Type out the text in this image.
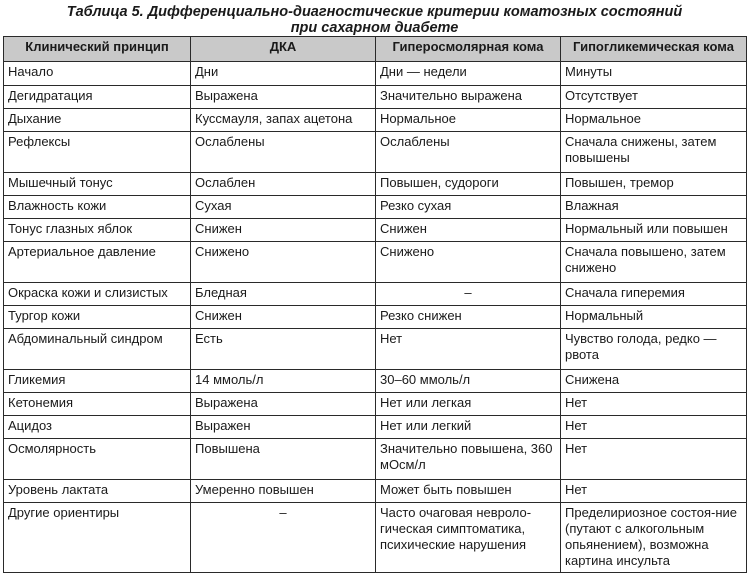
Таблица 5. Дифференциально-диагностические критерии коматозных состояний
при сахарном диабете
Клинический принцип	ДКА	Гиперосмолярная кома	Гипогликемическая кома
Начало	Дни	Дни — недели	Минуты
Дегидратация	Выражена	Значительно выражена	Отсутствует
Дыхание	Куссмауля, запах ацетона	Нормальное	Нормальное
Рефлексы	Ослаблены	Ослаблены	Сначала снижены, затем повышены
Мышечный тонус	Ослаблен	Повышен, судороги	Повышен, тремор
Влажность кожи	Сухая	Резко сухая	Влажная
Тонус глазных яблок	Снижен	Снижен	Нормальный или повышен
Артериальное давление	Снижено	Снижено	Сначала повышено, затем снижено
Окраска кожи и слизистых	Бледная	–	Сначала гиперемия
Тургор кожи	Снижен	Резко снижен	Нормальный
Абдоминальный синдром	Есть	Нет	Чувство голода, редко — рвота
Гликемия	14 ммоль/л	30–60 ммоль/л	Снижена
Кетонемия	Выражена	Нет или легкая	Нет
Ацидоз	Выражен	Нет или легкий	Нет
Осмолярность	Повышена	Значительно повышена, 360 мОсм/л	Нет
Уровень лактата	Умеренно повышен	Может быть повышен	Нет
Другие ориентиры	–	Часто очаговая невроло-гическая симптоматика, психические нарушения	Пределириозное состоя-ние (путают с алкогольным опьянением), возможна картина инсульта
